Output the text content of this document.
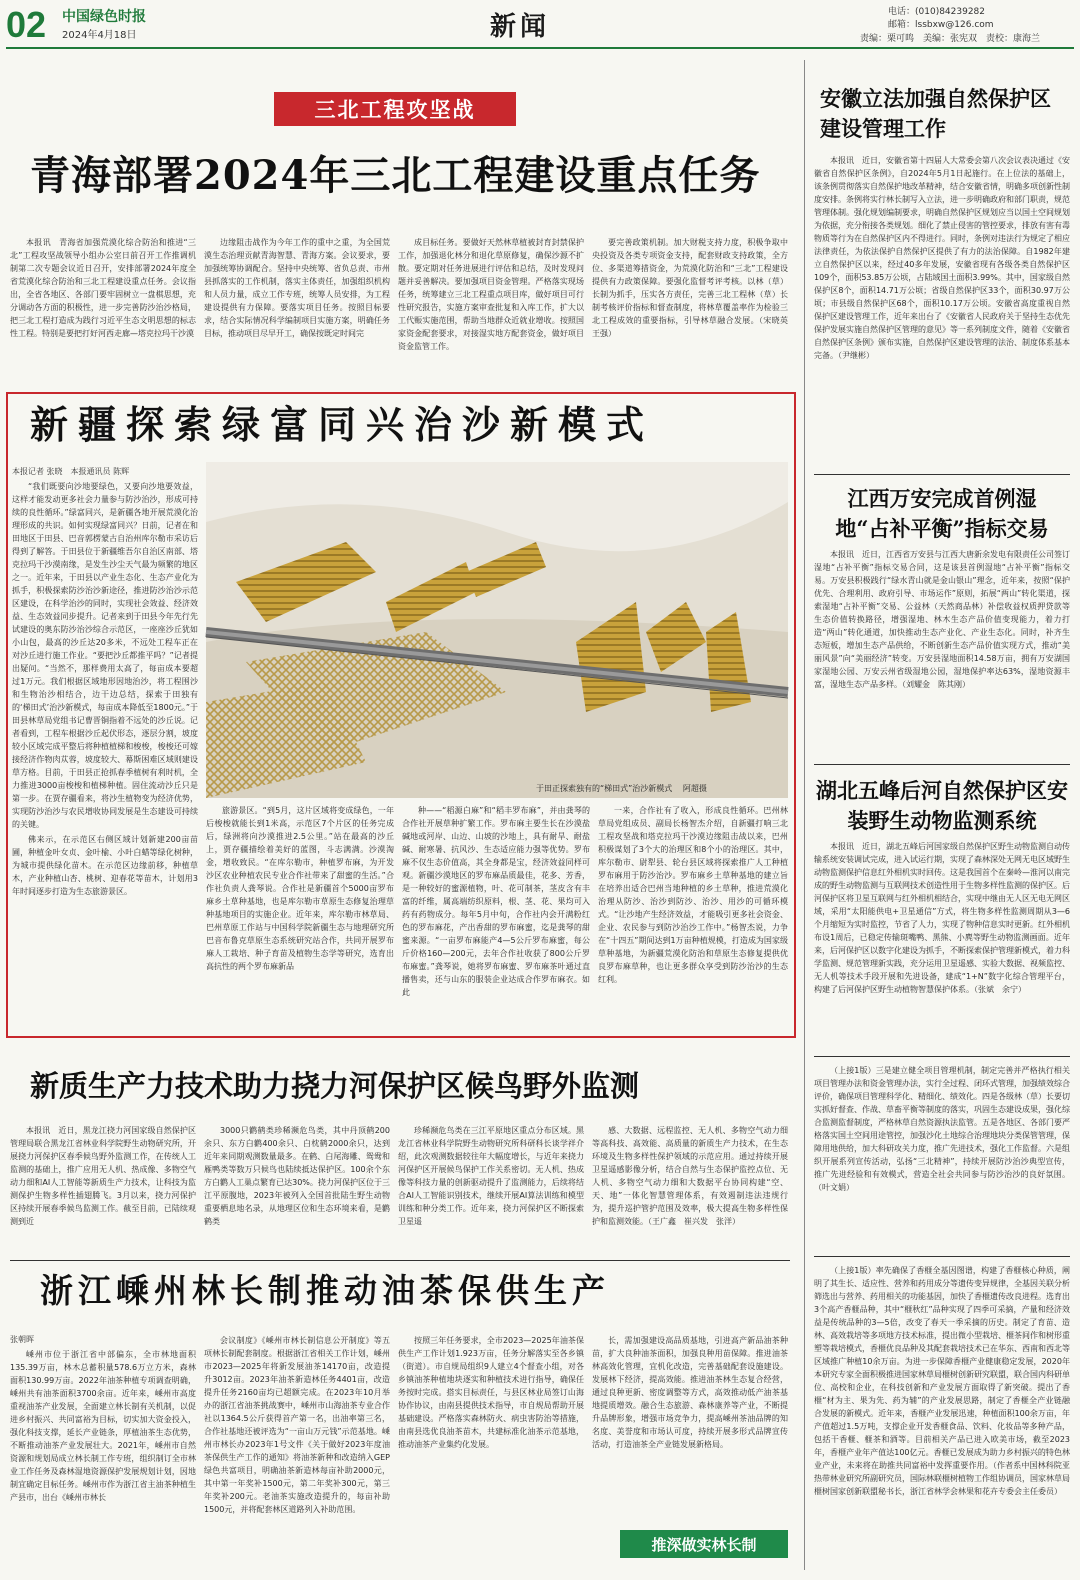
02 中国绿色时报
2024年4月18日	新闻	电话：(010)84239282
邮箱：lssbxw@126.com
责编：栗可鸣　美编：张宪双　责校：康海兰
三北工程攻坚战
青海部署2024年三北工程建设重点任务

本报讯　青海省加强荒漠化综合防治和推进“三北”工程攻坚战领导小组办公室日前召开工作推调机制第二次专题会议近日召开，安排部署2024年度全省荒漠化综合防治和三北工程建设重点任务。会议指出，全省各地区、各部门要牢固树立一盘棋思想，充分调动各方面的积极性，进一步完善防沙治沙格局，把三北工程打造成为践行习近平生态文明思想的标志性工程。特别是要把打好河西走廊—塔克拉玛干沙漠

边缘阻击战作为今年工作的重中之重，为全国荒漠生态治理贡献青海智慧、青海方案。会议要求，要加强统筹协调配合。坚持中央统筹、省负总责、市州县抓落实的工作机制，落实主体责任，加强组织机构和人员力量，成立工作专班，统筹人员安排，为工程建设提供有力保障。要落实项目任务。按照目标要求，结合实际情况科学编制项目实施方案，明确任务目标，推动项目尽早开工，确保按既定时间完

成目标任务。要做好天然林草植被封育封禁保护工作，加强退化林分和退化草原修复，确保沙源不扩散。要定期对任务进展进行评估和总结，及时发现问题并妥善解决。要加强项目资金管理。严格落实现场任务，统筹建立三北工程重点项目库，做好项目可行性研究报告，实施方案审查批复和入库工作，扩大以工代赈实施范围，帮助当地群众近就业增收。按照国家资金配套要求，对接湿实地方配套资金，做好项目资金监管工作。

要完善政策机制。加大财税支持力度，积极争取中央投资及各类专项资金支持，配套财政支持政策，全方位、多渠道筹措资金，为荒漠化防治和“三北”工程建设提供有力政策保障。要强化监督考评考核。以林（草）长制为抓手，压实各方责任，完善三北工程林（草）长制考核评价指标和督查制度，将林草覆盖率作为检验三北工程成效的重要指标，引导林草融合发展。（宋晓英　王强）

新疆探索绿富同兴治沙新模式
本报记者 张晓　本报通讯员 陈辉

“我们既要向沙地要绿色，又要向沙地要效益，这样才能发动更多社会力量参与防沙治沙，形成可持续的良性循环。”绿富同兴，是新疆各地开展荒漠化治理形成的共识。如何实现绿富同兴？日前，记者在和田地区于田县、巴音郭楞蒙古自治州库尔勒市采访后得到了解答。于田县位于新疆维吾尔自治区南部、塔克拉玛干沙漠南缘，是发生沙尘天气最为频繁的地区之一。近年来，于田县以产业生态化、生态产业化为抓手，积极探索防沙治沙新途径，推进防沙治沙示范区建设，在科学治沙的同时，实现社会效益、经济效益、生态效益同步提升。记者来到于田县今年先行先试建设的奥东防沙治沙综合示范区，一座座沙丘犹如小山包，最高的沙丘达20多米，不远处工程车正在对沙丘进行施工作业。“要把沙丘都推平吗？”记者提出疑问。“当然不，那样费用太高了，每亩成本要超过1万元。我们根据区域地形因地治沙，将工程围沙和生物治沙相结合，边干边总结，探索于田独有的‘梯田式’治沙新模式，每亩成本降低至1800元。”于田县林草局党组书记曹晋铜指着不远处的沙丘说。记者看到，工程车根据沙丘起伏形态，逐层分割，坡度较小区域完成平整后将种植植梯和梭梭，梭梭还可嫁接经济作物肉苁蓉，坡度较大、幕斯困难区域则建设草方格。目前，于田县正抢抓春季植树有利时机，全力推进3000亩梭梭和植梯种植。固住流动沙丘只是第一步。在贾存疆看来，将沙生植物变为经济优势，实现防沙治沙与农民增收协同发展是生态建设可持续的关键。

佛来示，在示范区右侧区域计划新建200亩苗圃，种植金叶女贞、金叶榆、小叶白蜡等绿化树种，为城市提供绿化苗木。在示范区边缘前移，种植草木，产业种植山杏、桃树、迎春花等苗木，计划用3年时间逐步打造为生态旅游景区。

于田正探索独有的“梯田式”治沙新模式　 阿超摄

旅游景区。“到5月，这片区域将变成绿色，一年后梭梭就能长到1米高，示范区7个片区的任务完成后，绿洲将向沙漠推进2.5公里。”站在最高的沙丘上，贾存疆描绘着美好的蓝图，斗志满满。沙漠淘金，增收致民。“在库尔勒市，种植罗布麻，为开发沙区农业种植农民专业合作社带来了甜蜜的生活。”合作社负责人龚琴说。合作社是新疆首个5000亩罗布麻乡土草种基地，也是库尔勒市草原生态修复治理草种基地项目的实施企业。近年来，库尔勒市林草局、巴州草原工作站与中国科学院新疆生态与地理研究所巴音布鲁克草原生态系统研究站合作，共同开展罗布麻人工栽培、种子育苗及植物生态学等研究，选育出高抗性的两个罗布麻新品

种——“稻源白麻”和“稻丰罗布麻”，并由龚琴的合作社开展草种扩繁工作。罗布麻主要生长在沙漠盐碱地或河岸、山边、山坡的沙地上，具有耐旱、耐盐碱、耐寒暑、抗风沙、生态适应能力强等优势。罗布麻不仅生态价值高，其全身都是宝，经济效益同样可观。新疆沙漠地区的罗布麻品质最佳，花多、芳香，是一种较好的蜜源植物，叶、花可制茶，茎皮含有丰富的纤维，属高端纺织原料，根、茎、花、果均可入药有药物成分。每年5月中旬，合作社内会开满粉红色的罗布麻花，产出香甜的罗布麻蜜，迄是龚琴的甜蜜来源。“一亩罗布麻能产4—5公斤罗布麻蜜，每公斤价格160—200元，去年合作社收获了800公斤罗布麻蜜。”龚琴说，她将罗布麻蜜、罗布麻茶叶通过直播售卖，还与山东的服装企业达成合作罗布麻衣。如此

一来，合作社有了收入，形成良性循环。巴州林草局党组成员、副局长杨智杰介绍，自新疆打响三北工程攻坚战和塔克拉玛干沙漠边缘阻击战以来，巴州积极谋划了3个大的治理区和8个小的治理区。其中，库尔勒市、尉犁县、轮台县区域将探索推广人工种植罗布麻用于防沙治沙。罗布麻乡土草种基地的建立旨在培养出适合巴州当地种植的乡土草种，推进荒漠化治理从防沙、治沙到防沙、治沙、用沙的可循环模式。“让沙地产生经济效益，才能吸引更多社会资金、企业、农民参与到防沙治沙工作中。”杨智杰说，力争在“十四五”期间达到1万亩种植规模，打造成为国家级草种基地，为新疆荒漠化防治和草原生态修复提供优良罗布麻草种，也让更多群众享受到防沙治沙的生态红利。

新质生产力技术助力挠力河保护区候鸟野外监测

本报讯　近日，黑龙江挠力河国家级自然保护区管理局联合黑龙江省林业科学院野生动物研究所，开展挠力河保护区春季候鸟野外监测工作，在传统人工监测的基础上，推广应用无人机、热成像、多物空气动力细和AI人工智能等新质生产力技术，让科技为监测保护生物多样性插翅腾飞。3月以来，挠力河保护区持续开展春季候鸟监测工作。截至目前，已陆续观测到近

3000只鹳鹤类珍稀濒危鸟类，其中丹顶鹤200余只、东方白鹳400余只、白枕鹤2000余只，达到近年来同期观测数量最多。在鹤、白尾海雕、鸳鸯和雁鸭类等数万只候鸟也陆续抵达保护区。100余个东方白鹳人工巢点繁育已达30%。挠力河保护区位于三江平原腹地，2023年被列入全国首批陆生野生动物重要栖息地名录，从地理区位和生态环境来看，是鹳鹤类

珍稀濒危鸟类在三江平原地区重点分布区域。黑龙江省林业科学院野生动物研究所科研科长谈学祥介绍，此次观测数据较往年大幅度增长，与近年来挠力河保护区开展候鸟保护工作关系密切。无人机、热成像等科技力量的创新驱动提升了监测能力，后续将结合AI人工智能识别技术，继续开展AI算法训练和模型训练和种分类工作。近年来，挠力河保护区不断探索卫星遥

感、大数据、远程监控、无人机、多物空气动力细等高科技、高效能、高质量的新质生产力技术，在生态环境及生物多样性保护领域的示范应用。通过持续开展卫星遥感影像分析，结合自然与生态保护监控点位、无人机、多物空气动力细和大数据平台协同构建“空、天、地”一体化智慧管理体系，有效遏制违法违规行为，提升巡护管护范围及效率，极大提高生物多样性保护和监测效能。（王广鑫　崔兴发　张洋）

浙江嵊州林长制推动油茶保供生产
张朝晖

嵊州市位于浙江省中部偏东，全市林地面积135.39万亩，林木总蓄积量578.6万立方米，森林面积130.99万亩。2022年油茶种植专项调查明确，嵊州共有油茶面积3700余亩。近年来，嵊州市高度重视油茶产业发展，全面建立林长制有关机制，以促进乡村振兴、共同富裕为目标，切实加大资金投入，强化科技支撑，延长产业链条，厚植油茶生态优势，不断推动油茶产业发展壮大。2021年，嵊州市自然资源和规划局成立林长制工作专班，组织制订全市林业工作任务及森林湿地资源保护发展规划计划，因地制宜确定目标任务。嵊州市作为浙江省主油茶种植生产县市，出台《嵊州市林长

会议制度》《嵊州市林长制信息公开制度》等五项林长制配套制度。根据浙江省相关工作计划，嵊州市2023—2025年将新发展油茶14170亩，改造提升3012亩。2023年油茶新造林任务4401亩，改造提升任务2160亩均已超额完成。在2023年10月举办的浙江省油茶挑战赛中，嵊州市山海油茶专业合作社以1364.5公斤获得首产第一名，出油率第三名，合作社基地还被评选为“一亩山万元钱”示范基地。嵊州市林长办2023年1号文件《关于做好2023年度油茶保供生产工作的通知》将油茶新种和改造纳入GEP绿色共富项目，明确油茶新造林每亩补助2000元，其中第一年奖补1500元，第二年奖补300元，第三年奖补200元。老油茶实施改造提升的，每亩补助1500元，并将配套林区道路列入补助范围。

按照三年任务要求，全市2023—2025年油茶保供生产工作计划1.923万亩，任务分解落实至各乡镇（街道）。市自规局组织9人建立4个督查小组，对各乡镇油茶种植地块逐实和种植技术进行指导，确保任务按时完成。搭实目标责任，与县区林业局签订山海协作协议，由南县提供技术指导，市自规局帮助开展基础建设。严格落实森林防火、病虫害防治等措施，由南县选优良油茶苗木，共建标准化油茶示范基地，推动油茶产业集约化发展。

长，需加强建设高品质基地，引进高产新品油茶种苗，扩大良种油茶面积，加强良种用苗保障。推进油茶林高效化管理，宜机化改造，完善基础配套设施建设。发展林下经济，提高效能。推进油茶林生态复合经营，通过良种更新、密度调整等方式，高效推动低产油茶基地提质增效。融合生态旅游、森林康养等产业，不断提升品牌形象，增强市场竞争力，提高嵊州茶油品牌的知名度、美誉度和市场认可度，持续开展多形式品牌宣传活动，打造油茶全产业链发展新格局。

推深做实林长制
安徽立法加强自然保护区建设管理工作

本报讯　近日，安徽省第十四届人大常委会第八次会议表决通过《安徽省自然保护区条例》，自2024年5月1日起施行。在上位法的基础上，该条例贯彻落实自然保护地改革精神，结合安徽省情，明确多项创新性制度安排。条例将实行林长制写入立法，进一步明确政府和部门职责，规范管理体制。强化规划编制要求，明确自然保护区规划应当以国土空间规划为依据，充分衔接各类规划。细化了禁止侵害的管控要求，排放有害有毒物质等行为在自然保护区内不得进行。同时，条例对违法行为规定了相应法律责任，为依法保护自然保护区提供了有力的法治保障。自1982年建立自然保护区以来，经过40多年发展，安徽省现有各级各类自然保护区109个，面积53.85万公顷，占陆域国土面积3.99%。其中，国家级自然保护区8个，面积14.71万公顷；省级自然保护区33个，面积30.97万公顷；市县级自然保护区68个，面积10.17万公顷。安徽省高度重视自然保护区建设管理工作，近年来出台了《安徽省人民政府关于坚持生态优先保护发展实施自然保护区管理的意见》等一系列制度文件，随着《安徽省自然保护区条例》颁布实施，自然保护区建设管理的法治、制度体系基本完备。（尹继彬）

江西万安完成首例湿地“占补平衡”指标交易

本报讯　近日，江西省万安县与江西大唐新余发电有限责任公司签订湿地“占补平衡”指标交易合同，这是该县首例湿地“占补平衡”指标交易。万安县积极践行“绿水青山就是金山银山”理念，近年来，按照“保护优先、合理利用、政府引导、市场运作”原则，拓展“两山”转化渠道，探索湿地“占补平衡”交易、公益林（天然商品林）补偿收益权质押贷款等生态价值转换路径，增强湿地、林木生态产品价值变现能力，着力打造“两山”转化通道，加快推动生态产业化、产业生态化。同时，补齐生态短板，增加生态产品供给，不断创新生态产品价值实现方式，推动“美丽风景”向“美丽经济”转变。万安县湿地面积14.58万亩，拥有万安湖国家湿地公园、万安云州省级湿地公园，湿地保护率达63%，湿地资源丰富，湿地生态产品多样。（刘耀金　陈其刚）

湖北五峰后河自然保护区安装野生动物监测系统

本报讯　近日，湖北五峰后河国家级自然保护区野生动物监测自动传输系统安装调试完成，进入试运行期，实现了森林深处无网无电区域野生动物监测保护信息红外相机实时回传。这是我国首个在秦岭—淮河以南完成的野生动物监测与互联网技术创造性用于生物多样性监测的保护区。后河保护区将卫星互联网与红外相机相结合，实现中继由无人区无电无网区域，采用“太阳能供电+卫星通信”方式，将生物多样性监测周期从3—6个月缩短为实时监控，节省了人力，实现了物种信息实时更新。红外相机布设1周后，已稳定传输斑嘴鸭、黑熊、小麂等野生动物监测画面。近年来，后河保护区以数字化建设为抓手，不断探索保护管理新模式，着力科学监测、规范管理新实践，充分运用卫星遥感、实验大数据、视频监控、无人机等技术手段开展和先进设备，建成“1+N”数字化综合管理平台，构建了后河保护区野生动植物智慧保护体系。（张斌　余宁）

（上接1版）三是建立健全项目管理机制，制定完善并严格执行相关项目管理办法和资金管理办法，实行全过程、闭环式管理，加强绩效综合评价，确保项目管理科学化、精细化、绩效化。四是各级林（草）长要切实抓好督查、作战、草畜平衡等制度的落实，巩固生态建设成果，强化综合监测监督制度，严格林草自然资源执法监管。五是各地区、各部门要严格落实国土空间用途管控，加强沙化土地综合治理地块分类保管管理，保障用地供给，加大科研攻关力度，推广先进技术，强化工作监督。六是组织开展系列宣传活动，弘扬“三北精神”，持续开展防沙治沙典型宣传，推广先进经验和有效模式，营造全社会共同参与防沙治沙的良好氛围。（叶文娟）

（上接1版）率先确保了香榧全基因图谱，构建了香榧核心种质，阐明了其生长、适应性、营养和药用成分等遗传变异规律，全基因关联分析筛选出与营养、药用相关的功能基因，加快了香榧遗传改良进程。选育出3个高产香榧品种，其中“榧秋红”品种实现了四季可采摘，产量和经济效益是传统品种的3—5倍，改变了春天一季采摘的历史。制定了育苗、造林、高效栽培等多项地方技术标准，提出微小型栽培、榧茶间作和树形重塑等栽培模式，香榧优良品种及其配套栽培技术已在华东、西南和西北等区域推广种植10余万亩。为进一步保障香榧产业健康稳定发展，2020年本研究专家全面积极推进国家林草局榧树创新研究联盟，联合国内科研单位、高校和企业，在科技创新和产业发展方面取得了新突破。提出了香榧“材为主、果为先、药为辅”的产业发展思路，制定了香榧全产业链融合发展的新模式。近年来，香榧产业发展迅速，种植面积100余万亩，年产值超过1.5万吨，支撑企业开发香榧食品、饮料、化妆品等多种产品，包括干香榧、榧茶和酒等。目前相关产品已进入欧美市场，截至2023年，香榧产业年产值达100亿元。香榧已发展成为助力乡村振兴的特色林业产业，未来将在助推共同富裕中发挥重要作用。（作者系中国林科院亚热带林业研究所副研究员，国际林联榧树植物工作组协调员，国家林草局榧树国家创新联盟秘书长，浙江省林学会林果和花卉专委会主任委员）
